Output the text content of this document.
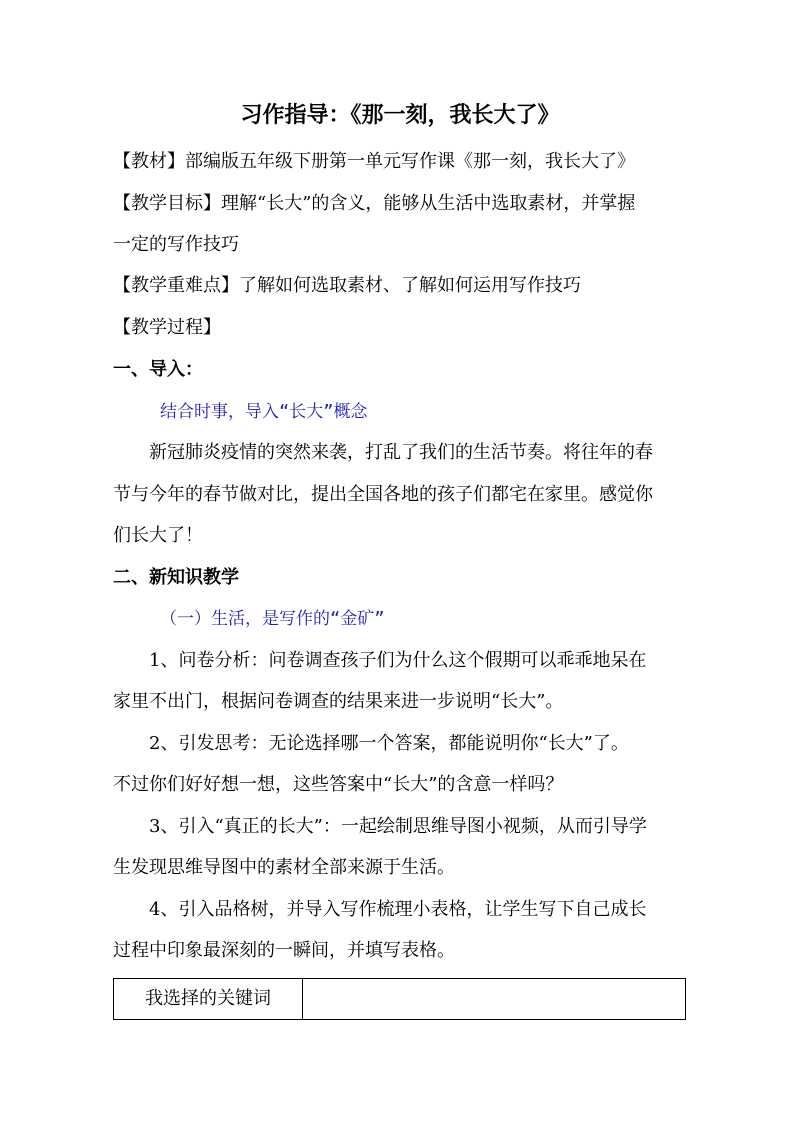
习作指导：《那一刻，我长大了》
【教材】部编版五年级下册第一单元写作课《那一刻，我长大了》
【教学目标】理解“长大”的含义，能够从生活中选取素材，并掌握
一定的写作技巧
【教学重难点】了解如何选取素材、了解如何运用写作技巧
【教学过程】
一、导入：
结合时事，导入“长大”概念
新冠肺炎疫情的突然来袭，打乱了我们的生活节奏。将往年的春
节与今年的春节做对比，提出全国各地的孩子们都宅在家里。感觉你
们长大了！
二、新知识教学
（一）生活，是写作的“金矿”
1、问卷分析：问卷调查孩子们为什么这个假期可以乖乖地呆在
家里不出门，根据问卷调查的结果来进一步说明“长大”。
2、引发思考：无论选择哪一个答案，都能说明你“长大”了。
不过你们好好想一想，这些答案中“长大”的含意一样吗？
3、引入“真正的长大”：一起绘制思维导图小视频，从而引导学
生发现思维导图中的素材全部来源于生活。
4、引入品格树，并导入写作梳理小表格，让学生写下自己成长
过程中印象最深刻的一瞬间，并填写表格。
我选择的关键词	
